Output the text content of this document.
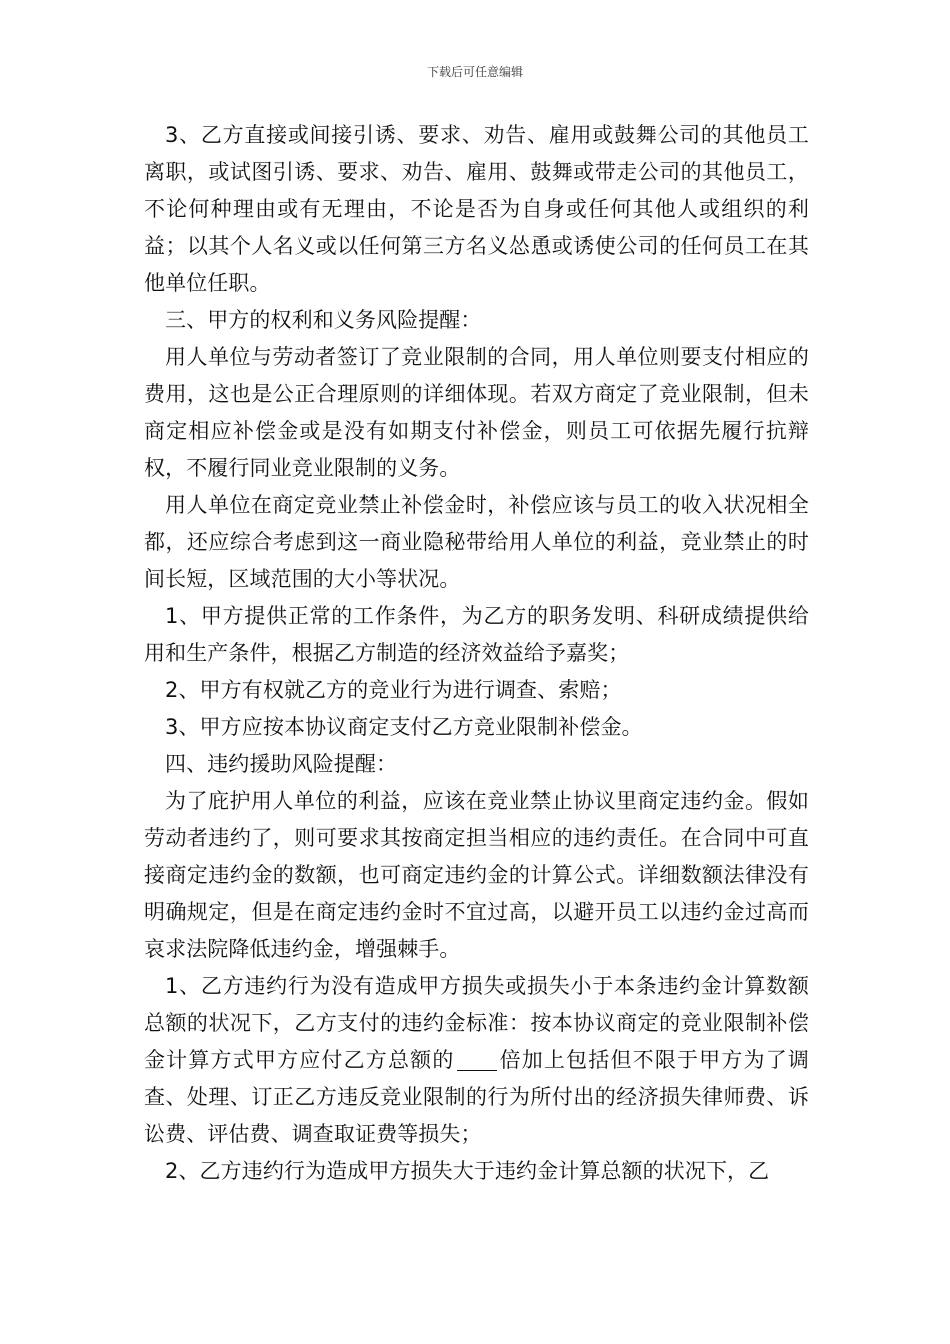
下载后可任意编辑

3、乙方直接或间接引诱、要求、劝告、雇用或鼓舞公司的其他员工离职，或试图引诱、要求、劝告、雇用、鼓舞或带走公司的其他员工，不论何种理由或有无理由，不论是否为自身或任何其他人或组织的利益；以其个人名义或以任何第三方名义怂恿或诱使公司的任何员工在其他单位任职。

三、甲方的权利和义务风险提醒：

用人单位与劳动者签订了竞业限制的合同，用人单位则要支付相应的费用，这也是公正合理原则的详细体现。若双方商定了竞业限制，但未商定相应补偿金或是没有如期支付补偿金，则员工可依据先履行抗辩权，不履行同业竞业限制的义务。

用人单位在商定竞业禁止补偿金时，补偿应该与员工的收入状况相全都，还应综合考虑到这一商业隐秘带给用人单位的利益，竞业禁止的时间长短，区域范围的大小等状况。

1、甲方提供正常的工作条件，为乙方的职务发明、科研成绩提供给用和生产条件，根据乙方制造的经济效益给予嘉奖；

2、甲方有权就乙方的竞业行为进行调查、索赔；

3、甲方应按本协议商定支付乙方竞业限制补偿金。

四、违约援助风险提醒：

为了庇护用人单位的利益，应该在竞业禁止协议里商定违约金。假如劳动者违约了，则可要求其按商定担当相应的违约责任。在合同中可直接商定违约金的数额，也可商定违约金的计算公式。详细数额法律没有明确规定，但是在商定违约金时不宜过高，以避开员工以违约金过高而哀求法院降低违约金，增强棘手。

1、乙方违约行为没有造成甲方损失或损失小于本条违约金计算数额总额的状况下，乙方支付的违约金标准：按本协议商定的竞业限制补偿金计算方式甲方应付乙方总额的 倍加上包括但不限于甲方为了调查、处理、订正乙方违反竞业限制的行为所付出的经济损失律师费、诉讼费、评估费、调查取证费等损失；

2、乙方违约行为造成甲方损失大于违约金计算总额的状况下，乙
